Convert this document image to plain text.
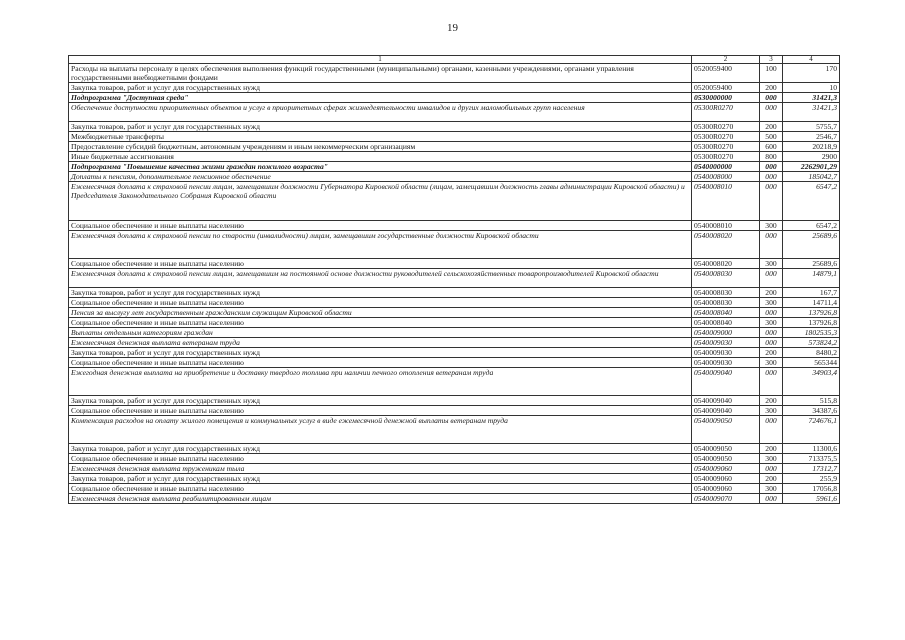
19
1	2	3	4
Расходы на выплаты персоналу в целях обеспечения выполнения функций государственными (муниципальными) органами, казенными учреждениями, органами управления государственными внебюджетными фондами	0520059400	100	170
Закупка товаров, работ и услуг для государственных нужд	0520059400	200	10
Подпрограмма "Доступная среда"	0530000000	000	31421,3
Обеспечение доступности приоритетных объектов и услуг в приоритетных сферах жизнедеятельности инвалидов и других маломобильных групп населения	05300R0270	000	31421,3
Закупка товаров, работ и услуг для государственных нужд	05300R0270	200	5755,7
Межбюджетные трансферты	05300R0270	500	2546,7
Предоставление субсидий бюджетным, автономным учреждениям и иным некоммерческим организациям	05300R0270	600	20218,9
Иные бюджетные ассигнования	05300R0270	800	2900
Подпрограмма "Повышение качества жизни граждан пожилого возраста"	0540000000	000	2262901,29
Доплаты к пенсиям, дополнительное пенсионное обеспечение	0540008000	000	185042,7
Ежемесячная доплата к страховой пенсии лицам, замещавшим должности Губернатора Кировской области (лицам, замещавшим должность главы администрации Кировской области) и Председателя Законодательного Собрания Кировской области	0540008010	000	6547,2
Социальное обеспечение и иные выплаты населению	0540008010	300	6547,2
Ежемесячная доплата к страховой пенсии по старости (инвалидности) лицам, замещавшим государственные должности Кировской области	0540008020	000	25689,6
Социальное обеспечение и иные выплаты населению	0540008020	300	25689,6
Ежемесячная доплата к страховой пенсии лицам, замещавшим на постоянной основе должности руководителей сельскохозяйственных товаропроизводителей Кировской области	0540008030	000	14879,1
Закупка товаров, работ и услуг для государственных нужд	0540008030	200	167,7
Социальное обеспечение и иные выплаты населению	0540008030	300	14711,4
Пенсия за выслугу лет государственным гражданским служащим Кировской области	0540008040	000	137926,8
Социальное обеспечение и иные выплаты населению	0540008040	300	137926,8
Выплаты отдельным категориям граждан	0540009000	000	1802535,3
Ежемесячная денежная выплата ветеранам труда	0540009030	000	573824,2
Закупка товаров, работ и услуг для государственных нужд	0540009030	200	8480,2
Социальное обеспечение и иные выплаты населению	0540009030	300	565344
Ежегодная денежная выплата на приобретение и доставку твердого топлива при наличии печного отопления ветеранам труда	0540009040	000	34903,4
Закупка товаров, работ и услуг для государственных нужд	0540009040	200	515,8
Социальное обеспечение и иные выплаты населению	0540009040	300	34387,6
Компенсация расходов на оплату жилого помещения и коммунальных услуг в виде ежемесячной денежной выплаты ветеранам труда	0540009050	000	724676,1
Закупка товаров, работ и услуг для государственных нужд	0540009050	200	11300,6
Социальное обеспечение и иные выплаты населению	0540009050	300	713375,5
Ежемесячная денежная выплата труженикам тыла	0540009060	000	17312,7
Закупка товаров, работ и услуг для государственных нужд	0540009060	200	255,9
Социальное обеспечение и иные выплаты населению	0540009060	300	17056,8
Ежемесячная денежная выплата реабилитированным лицам	0540009070	000	5961,6
